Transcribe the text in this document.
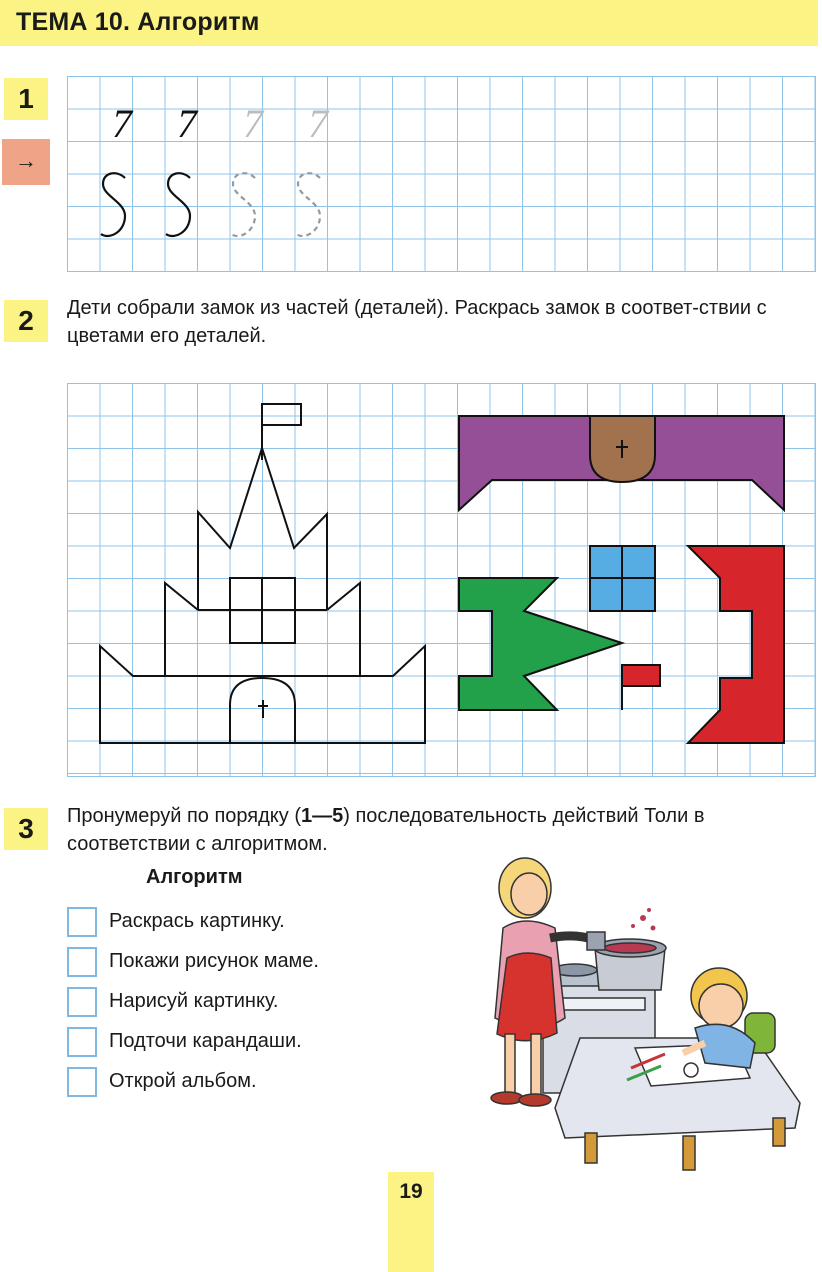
ТЕМА 10. Алгоритм
1
→
7 7 7 7
2	Дети собрали замок из частей (деталей). Раскрась замок в соответ-ствии с цветами его деталей.
3	Пронумеруй по порядку (1—5) последовательность действий Толи в соответствии с алгоритмом.
Алгоритм
Раскрась картинку.
Покажи рисунок маме.
Нарисуй картинку.
Подточи карандаши.
Открой альбом.
19
